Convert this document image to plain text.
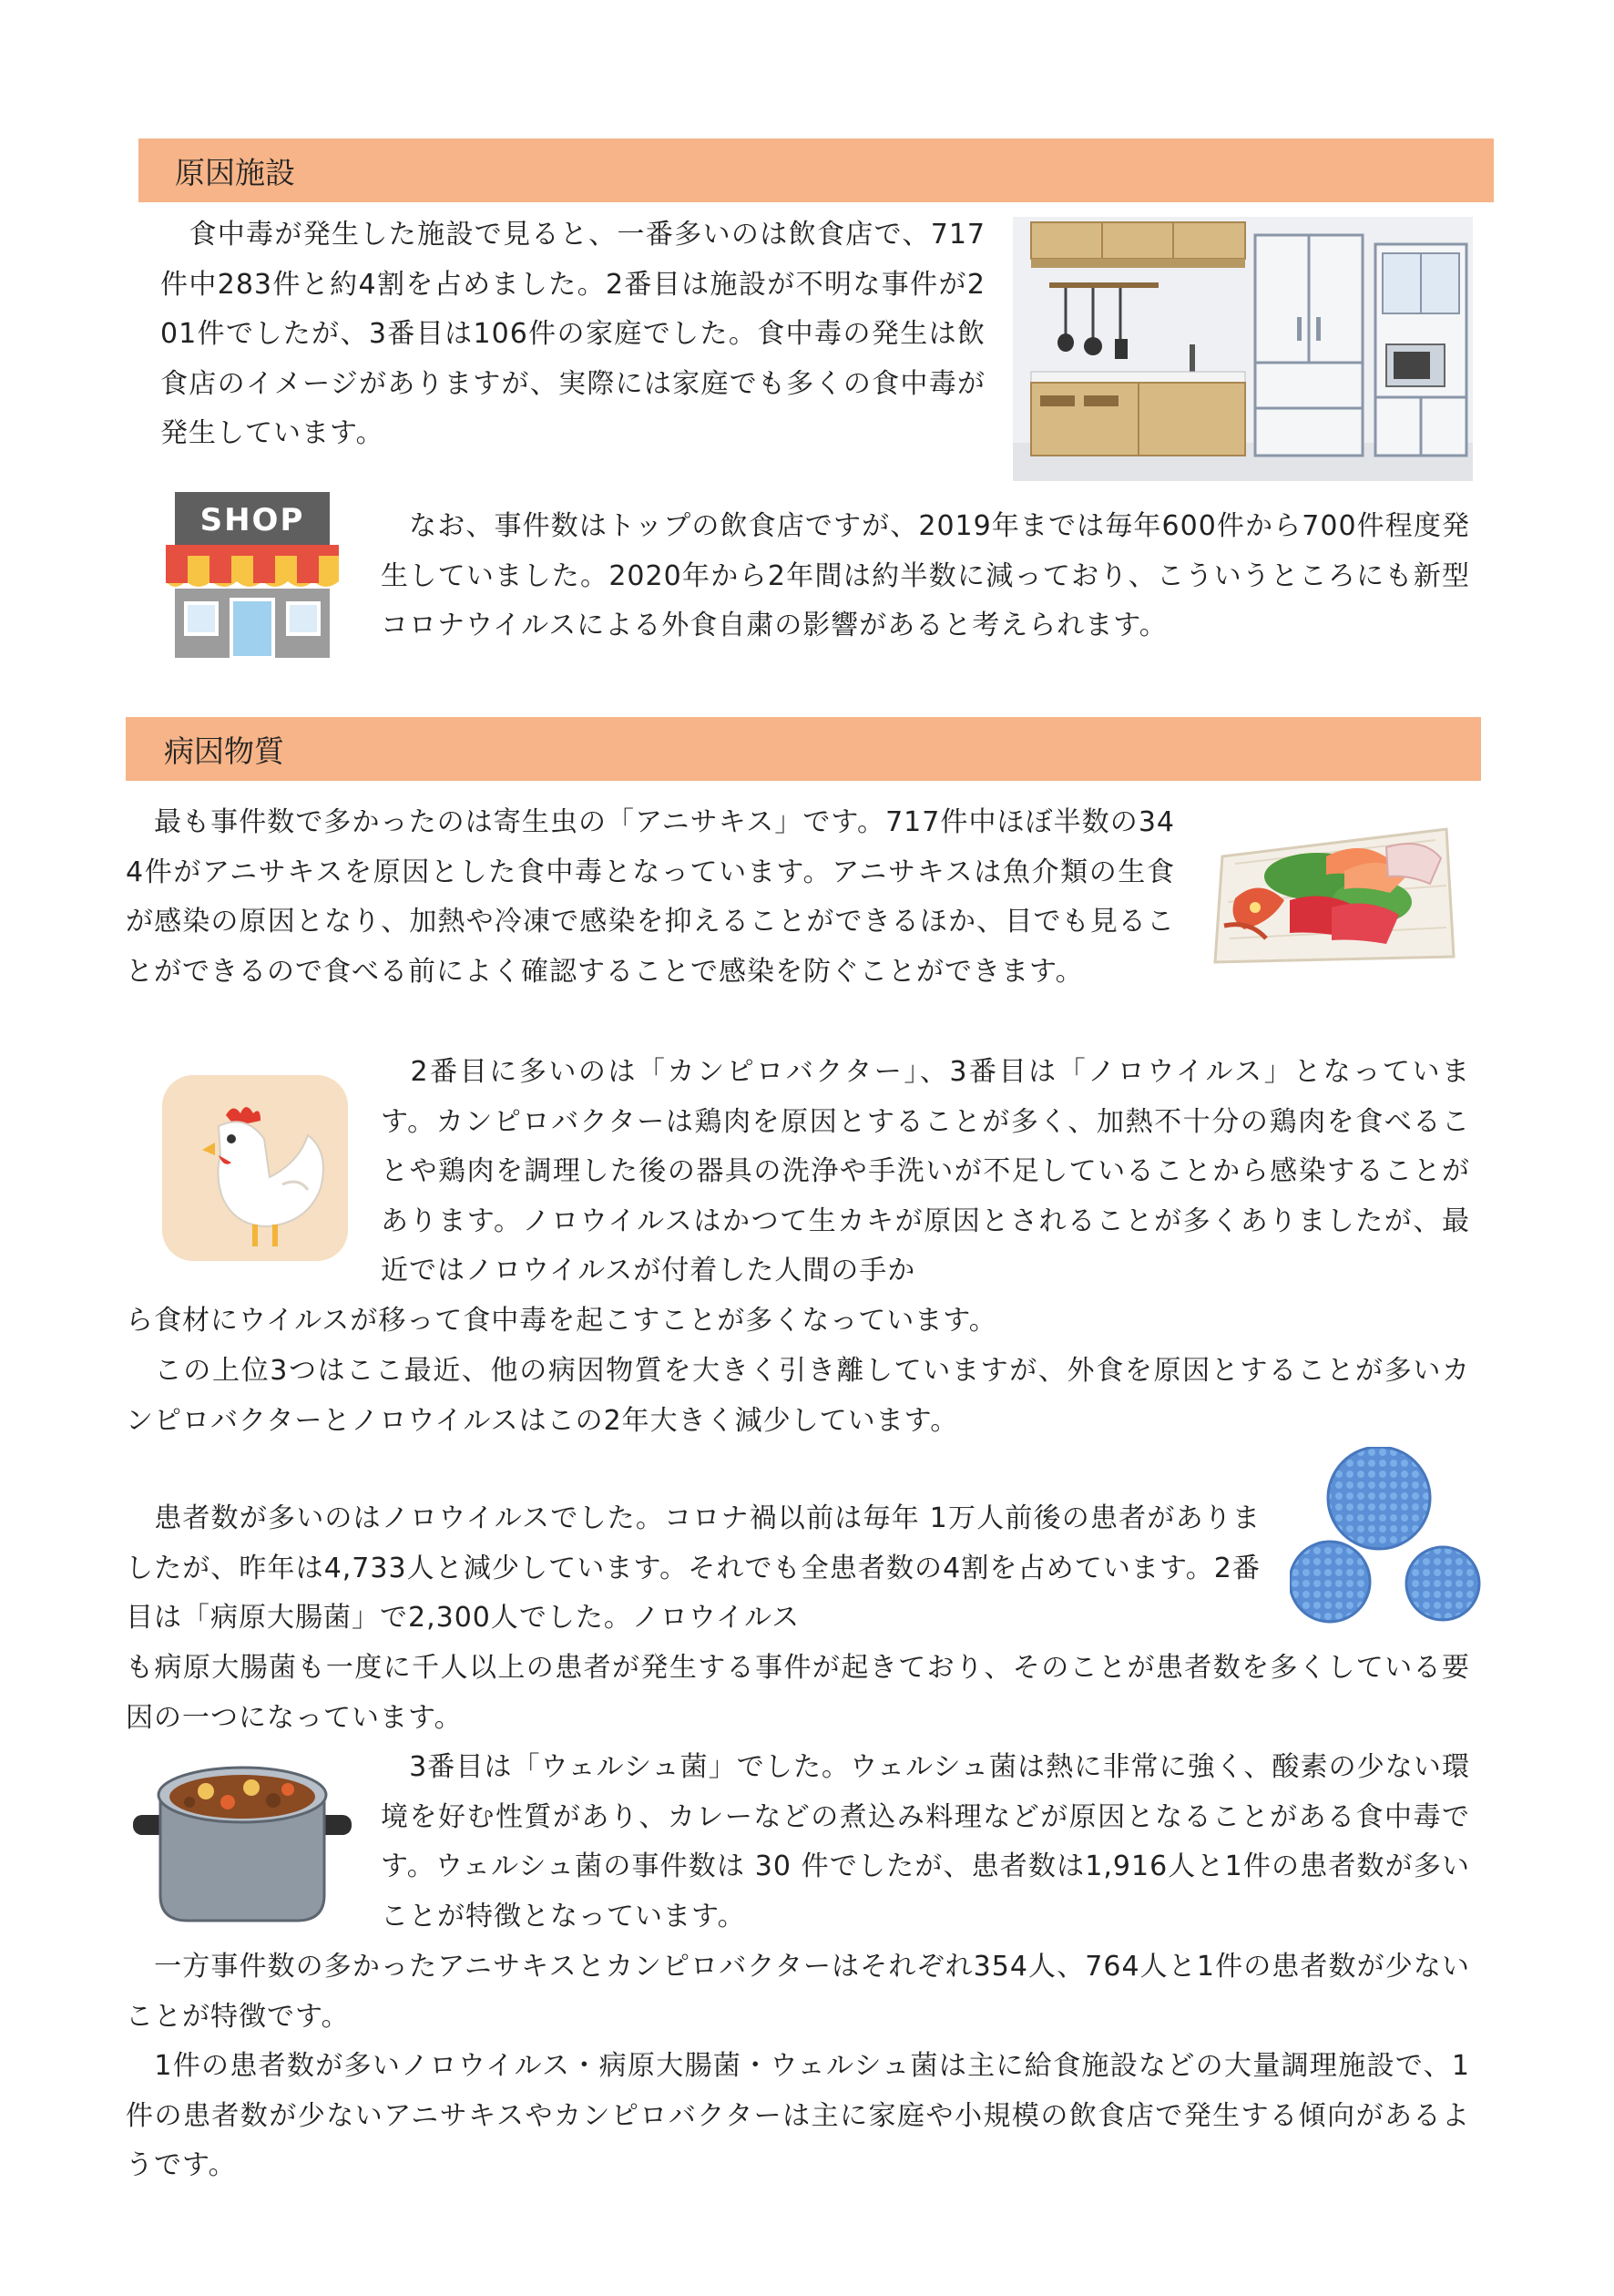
原因施設

　食中毒が発生した施設で見ると、一番多いのは飲食店で、717件中283件と約4割を占めました。2番目は施設が不明な事件が201件でしたが、3番目は106件の家庭でした。食中毒の発生は飲食店のイメージがありますが、実際には家庭でも多くの食中毒が発生しています。

SHOP	　なお、事件数はトップの飲食店ですが、2019年までは毎年600件から700件程度発生していました。2020年から2年間は約半数に減っており、こういうところにも新型コロナウイルスによる外食自粛の影響があると考えられます。

病因物質

　最も事件数で多かったのは寄生虫の「アニサキス」です。717件中ほぼ半数の344件がアニサキスを原因とした食中毒となっています。アニサキスは魚介類の生食が感染の原因となり、加熱や冷凍で感染を抑えることができるほか、目でも見ることができるので食べる前によく確認することで感染を防ぐことができます。

　2番目に多いのは「カンピロバクター」、3番目は「ノロウイルス」となっています。カンピロバクターは鶏肉を原因とすることが多く、加熱不十分の鶏肉を食べることや鶏肉を調理した後の器具の洗浄や手洗いが不足していることから感染することがあります。ノロウイルスはかつて生カキが原因とされることが多くありましたが、最近ではノロウイルスが付着した人間の手か

ら食材にウイルスが移って食中毒を起こすことが多くなっています。

　この上位3つはここ最近、他の病因物質を大きく引き離していますが、外食を原因とすることが多いカンピロバクターとノロウイルスはこの2年大きく減少しています。

　患者数が多いのはノロウイルスでした。コロナ禍以前は毎年 1万人前後の患者がありましたが、昨年は4,733人と減少しています。それでも全患者数の4割を占めています。2番目は「病原大腸菌」で2,300人でした。ノロウイルス

も病原大腸菌も一度に千人以上の患者が発生する事件が起きており、そのことが患者数を多くしている要因の一つになっています。

　3番目は「ウェルシュ菌」でした。ウェルシュ菌は熱に非常に強く、酸素の少ない環境を好む性質があり、カレーなどの煮込み料理などが原因となることがある食中毒です。ウェルシュ菌の事件数は 30 件でしたが、患者数は1,916人と1件の患者数が多いことが特徴となっています。

　一方事件数の多かったアニサキスとカンピロバクターはそれぞれ354人、764人と1件の患者数が少ないことが特徴です。

　1件の患者数が多いノロウイルス・病原大腸菌・ウェルシュ菌は主に給食施設などの大量調理施設で、1件の患者数が少ないアニサキスやカンピロバクターは主に家庭や小規模の飲食店で発生する傾向があるようです。
